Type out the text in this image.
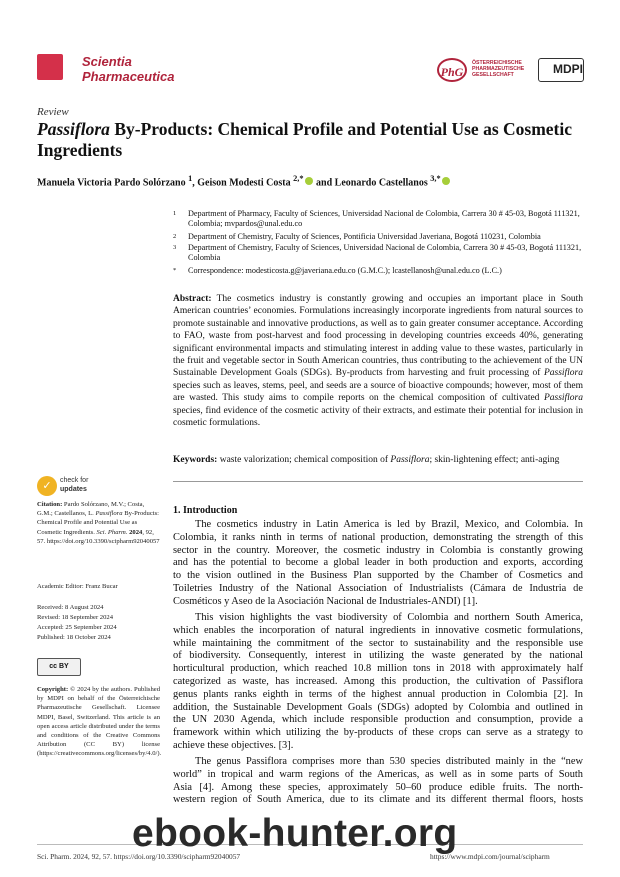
Scientia
Pharmaceutica	PhG
ÖSTERREICHISCHE PHARMAZEUTISCHE GESELLSCHAFT	MDPI
Review
Passiflora By-Products: Chemical Profile and Potential Use as Cosmetic Ingredients
Manuela Victoria Pardo Solórzano $^1$, Geison Modesti Costa $^{2,*}$ and Leonardo Castellanos $^{3,*}$
1 Department of Pharmacy, Faculty of Sciences, Universidad Nacional de Colombia, Carrera 30 # 45-03, Bogotá 111321, Colombia; mvpardos@unal.edu.co
2 Department of Chemistry, Faculty of Sciences, Pontificia Universidad Javeriana, Bogotá 110231, Colombia
3 Department of Chemistry, Faculty of Sciences, Universidad Nacional de Colombia, Carrera 30 # 45-03, Bogotá 111321, Colombia
* Correspondence: modesticosta.g@javeriana.edu.co (G.M.C.); lcastellanosh@unal.edu.co (L.C.)
Abstract: The cosmetics industry is constantly growing and occupies an important place in South American countries’ economies. Formulations increasingly incorporate ingredients from natural sources to promote sustainable and innovative productions, as well as to gain greater consumer acceptance. According to FAO, waste from post-harvest and food processing in developing countries exceeds 40%, generating significant environmental impacts and stimulating interest in adding value to these wastes, particularly in the fruit and vegetable sector in South American countries, thus contributing to the achievement of the UN Sustainable Development Goals (SDGs). By-products from harvesting and fruit processing of Passiflora species such as leaves, stems, peel, and seeds are a source of bioactive compounds; however, most of them are wasted. This study aims to compile reports on the chemical composition of cultivated Passiflora species, find evidence of the cosmetic activity of their extracts, and estimate their potential for inclusion in cosmetic formulations.
Keywords: waste valorization; chemical composition of Passiflora; skin-lightening effect; anti-aging
✓	check for
updates
Citation: Pardo Solórzano, M.V.; Costa, G.M.; Castellanos, L. Passiflora By-Products: Chemical Profile and Potential Use as Cosmetic Ingredients. Sci. Pharm. 2024, 92, 57. https://doi.org/10.3390/scipharm92040057
Academic Editor: Franz Bucar
Received: 8 August 2024
Revised: 18 September 2024
Accepted: 25 September 2024
Published: 18 October 2024
cc BY
Copyright: © 2024 by the authors. Published by MDPI on behalf of the Österreichische Pharmazeutische Gesellschaft. Licensee MDPI, Basel, Switzerland. This article is an open access article distributed under the terms and conditions of the Creative Commons Attribution (CC BY) license (https://creativecommons.org/licenses/by/4.0/).
1. Introduction
The cosmetics industry in Latin America is led by Brazil, Mexico, and Colombia. In
Colombia, it ranks ninth in terms of national production, demonstrating the strength of this
sector in the country. Moreover, the cosmetic industry in Colombia is constantly growing
and has the potential to become a global leader in both production and exports, according
to the vision outlined in the Business Plan supported by the Chamber of Cosmetics and
Toiletries Industry of the National Association of Industrialists (Cámara de Industria de
Cosméticos y Aseo de la Asociación Nacional de Industriales-ANDI) [1].
This vision highlights the vast biodiversity of Colombia and northern South America,
which enables the incorporation of natural ingredients in innovative cosmetic formulations,
while maintaining the commitment of the sector to sustainability and the responsible use
of biodiversity. Consequently, interest in utilizing the waste generated by the national
horticultural production, which reached 10.8 million tons in 2018 with approximately half
categorized as waste, has increased. Among this production, the cultivation of Passiflora
genus plants ranks eighth in terms of the highest annual production in Colombia [2]. In
addition, the Sustainable Development Goals (SDGs) adopted by Colombia and outlined in
the UN 2030 Agenda, which include responsible production and consumption, provide a
framework within which utilizing the by-products of these crops can serve as a strategy to
achieve these objectives. [3].
The genus Passiflora comprises more than 530 species distributed mainly in the “new
world” in tropical and warm regions of the Americas, as well as in some parts of South
Asia [4]. Among these species, approximately 50–60 produce edible fruits. The north-
western region of South America, due to its climate and its different thermal floors, hosts
Sci. Pharm. 2024, 92, 57. https://doi.org/10.3390/scipharm92040057	https://www.mdpi.com/journal/scipharm
ebook-hunter.org
